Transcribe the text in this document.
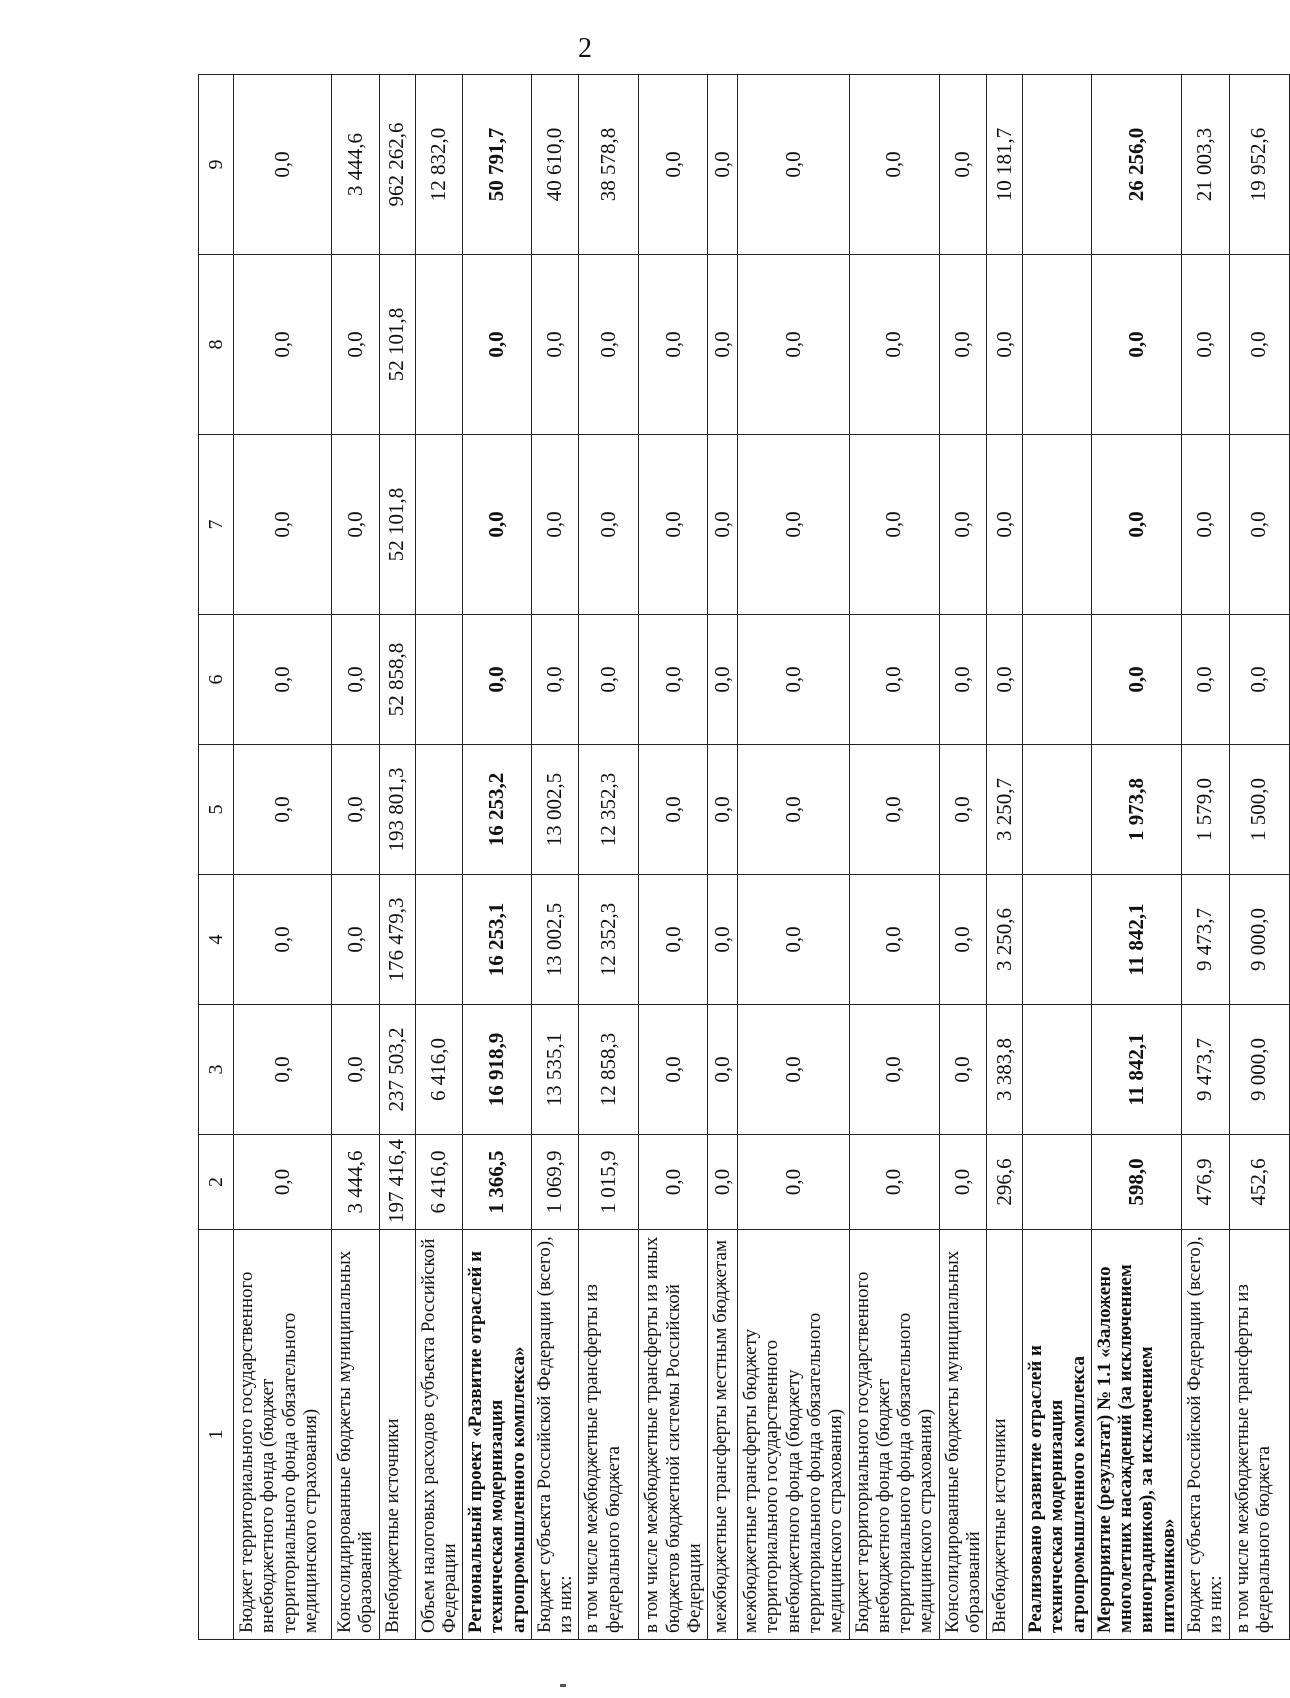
2
1	2	3	4	5	6	7	8	9
Бюджет территориального государственного внебюджетного фонда (бюджет территориального фонда обязательного медицинского страхования)	0,0	0,0	0,0	0,0	0,0	0,0	0,0	0,0
Консолидированные бюджеты муниципальных образований	3 444,6	0,0	0,0	0,0	0,0	0,0	0,0	3 444,6
Внебюджетные источники	197 416,4	237 503,2	176 479,3	193 801,3	52 858,8	52 101,8	52 101,8	962 262,6
Объем налоговых расходов субъекта Российской Федерации	6 416,0	6 416,0						12 832,0
Региональный проект «Развитие отраслей и техническая модернизация агропромышленного комплекса»	1 366,5	16 918,9	16 253,1	16 253,2	0,0	0,0	0,0	50 791,7
Бюджет субъекта Российской Федерации (всего), из них:	1 069,9	13 535,1	13 002,5	13 002,5	0,0	0,0	0,0	40 610,0
в том числе межбюджетные трансферты из федерального бюджета	1 015,9	12 858,3	12 352,3	12 352,3	0,0	0,0	0,0	38 578,8
в том числе межбюджетные трансферты из иных бюджетов бюджетной системы Российской Федерации	0,0	0,0	0,0	0,0	0,0	0,0	0,0	0,0
межбюджетные трансферты местным бюджетам	0,0	0,0	0,0	0,0	0,0	0,0	0,0	0,0
межбюджетные трансферты бюджету территориального государственного внебюджетного фонда (бюджету территориального фонда обязательного медицинского страхования)	0,0	0,0	0,0	0,0	0,0	0,0	0,0	0,0
Бюджет территориального государственного внебюджетного фонда (бюджет территориального фонда обязательного медицинского страхования)	0,0	0,0	0,0	0,0	0,0	0,0	0,0	0,0
Консолидированные бюджеты муниципальных образований	0,0	0,0	0,0	0,0	0,0	0,0	0,0	0,0
Внебюджетные источники	296,6	3 383,8	3 250,6	3 250,7	0,0	0,0	0,0	10 181,7
Реализовано развитие отраслей и техническая модернизация агропромышленного комплекса								
Мероприятие (результат) № 1.1 «Заложено многолетних насаждений (за исключением виноградников), за исключением питомников»	598,0	11 842,1	11 842,1	1 973,8	0,0	0,0	0,0	26 256,0
Бюджет субъекта Российской Федерации (всего), из них:	476,9	9 473,7	9 473,7	1 579,0	0,0	0,0	0,0	21 003,3
в том числе межбюджетные трансферты из федерального бюджета	452,6	9 000,0	9 000,0	1 500,0	0,0	0,0	0,0	19 952,6
